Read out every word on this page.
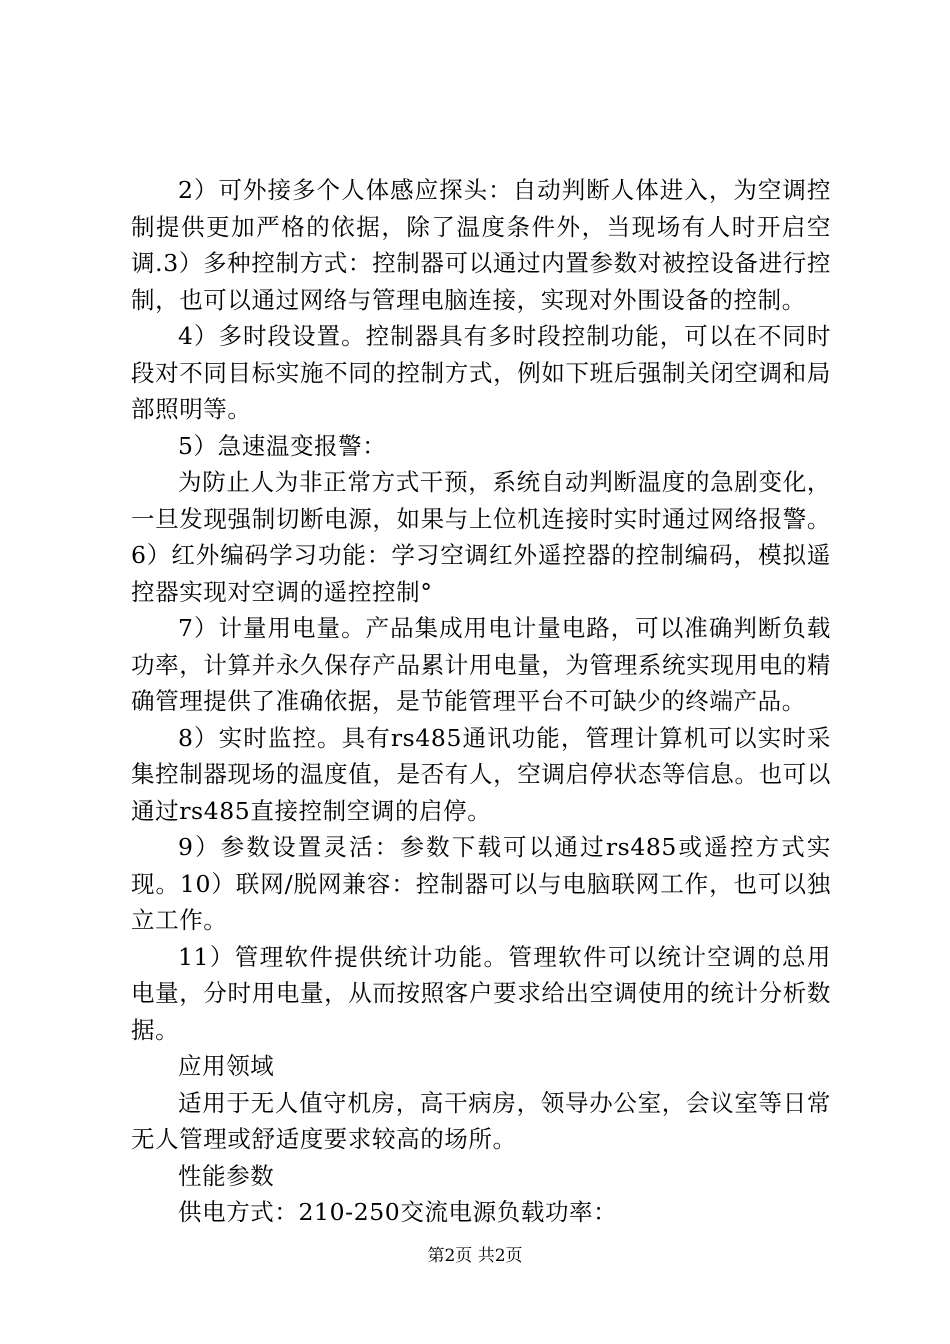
2）可外接多个人体感应探头：自动判断人体进入，为空调控制提供更加严格的依据，除了温度条件外，当现场有人时开启空调.3）多种控制方式：控制器可以通过内置参数对被控设备进行控制，也可以通过网络与管理电脑连接，实现对外围设备的控制。

4）多时段设置。控制器具有多时段控制功能，可以在不同时段对不同目标实施不同的控制方式，例如下班后强制关闭空调和局部照明等。

5）急速温变报警：

为防止人为非正常方式干预，系统自动判断温度的急剧变化，一旦发现强制切断电源，如果与上位机连接时实时通过网络报警。6）红外编码学习功能：学习空调红外遥控器的控制编码，模拟遥控器实现对空调的遥控控制°

7）计量用电量。产品集成用电计量电路，可以准确判断负载功率，计算并永久保存产品累计用电量，为管理系统实现用电的精确管理提供了准确依据，是节能管理平台不可缺少的终端产品。

8）实时监控。具有rs485通讯功能，管理计算机可以实时采集控制器现场的温度值，是否有人，空调启停状态等信息。也可以通过rs485直接控制空调的启停。

9）参数设置灵活：参数下载可以通过rs485或遥控方式实现。10）联网/脱网兼容：控制器可以与电脑联网工作，也可以独立工作。

11）管理软件提供统计功能。管理软件可以统计空调的总用电量，分时用电量，从而按照客户要求给出空调使用的统计分析数据。

应用领域

适用于无人值守机房，高干病房，领导办公室，会议室等日常无人管理或舒适度要求较高的场所。

性能参数

供电方式：210-250交流电源负载功率：

第2页 共2页
